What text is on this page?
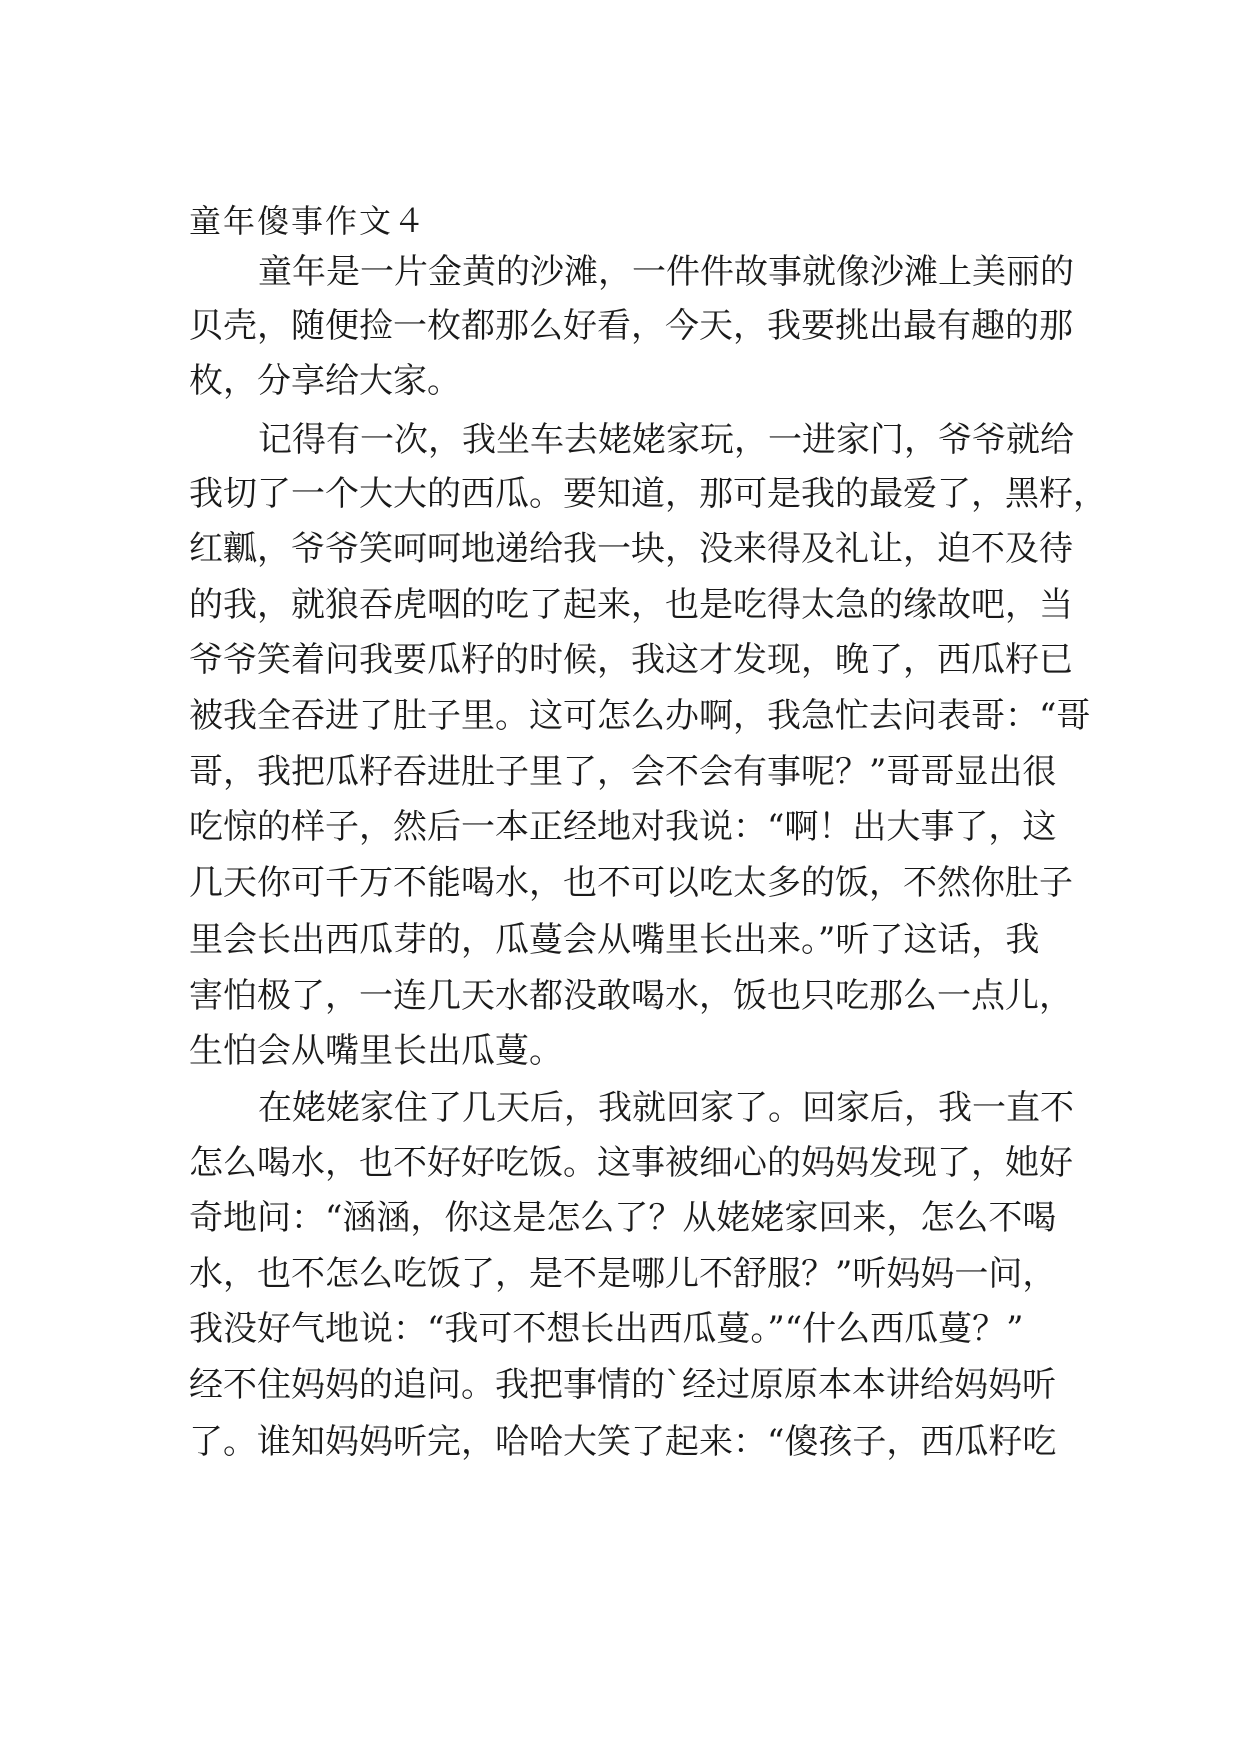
童年傻事作文４
童年是一片金黄的沙滩，一件件故事就像沙滩上美丽的
贝壳，随便捡一枚都那么好看，今天，我要挑出最有趣的那
枚，分享给大家。
记得有一次，我坐车去姥姥家玩，一进家门，爷爷就给
我切了一个大大的西瓜。要知道，那可是我的最爱了，黑籽，
红瓤，爷爷笑呵呵地递给我一块，没来得及礼让，迫不及待
的我，就狼吞虎咽的吃了起来，也是吃得太急的缘故吧，当
爷爷笑着问我要瓜籽的时候，我这才发现，晚了，西瓜籽已
被我全吞进了肚子里。这可怎么办啊，我急忙去问表哥：“哥
哥，我把瓜籽吞进肚子里了，会不会有事呢？”哥哥显出很
吃惊的样子，然后一本正经地对我说：“啊！出大事了，这
几天你可千万不能喝水，也不可以吃太多的饭，不然你肚子
里会长出西瓜芽的，瓜蔓会从嘴里长出来。”听了这话，我
害怕极了，一连几天水都没敢喝水，饭也只吃那么一点儿，
生怕会从嘴里长出瓜蔓。
在姥姥家住了几天后，我就回家了。回家后，我一直不
怎么喝水，也不好好吃饭。这事被细心的妈妈发现了，她好
奇地问：“涵涵，你这是怎么了？从姥姥家回来，怎么不喝
水，也不怎么吃饭了，是不是哪儿不舒服？”听妈妈一问，
我没好气地说：“我可不想长出西瓜蔓。”“什么西瓜蔓？”
经不住妈妈的追问。我把事情的`经过原原本本讲给妈妈听
了。谁知妈妈听完，哈哈大笑了起来：“傻孩子，西瓜籽吃
